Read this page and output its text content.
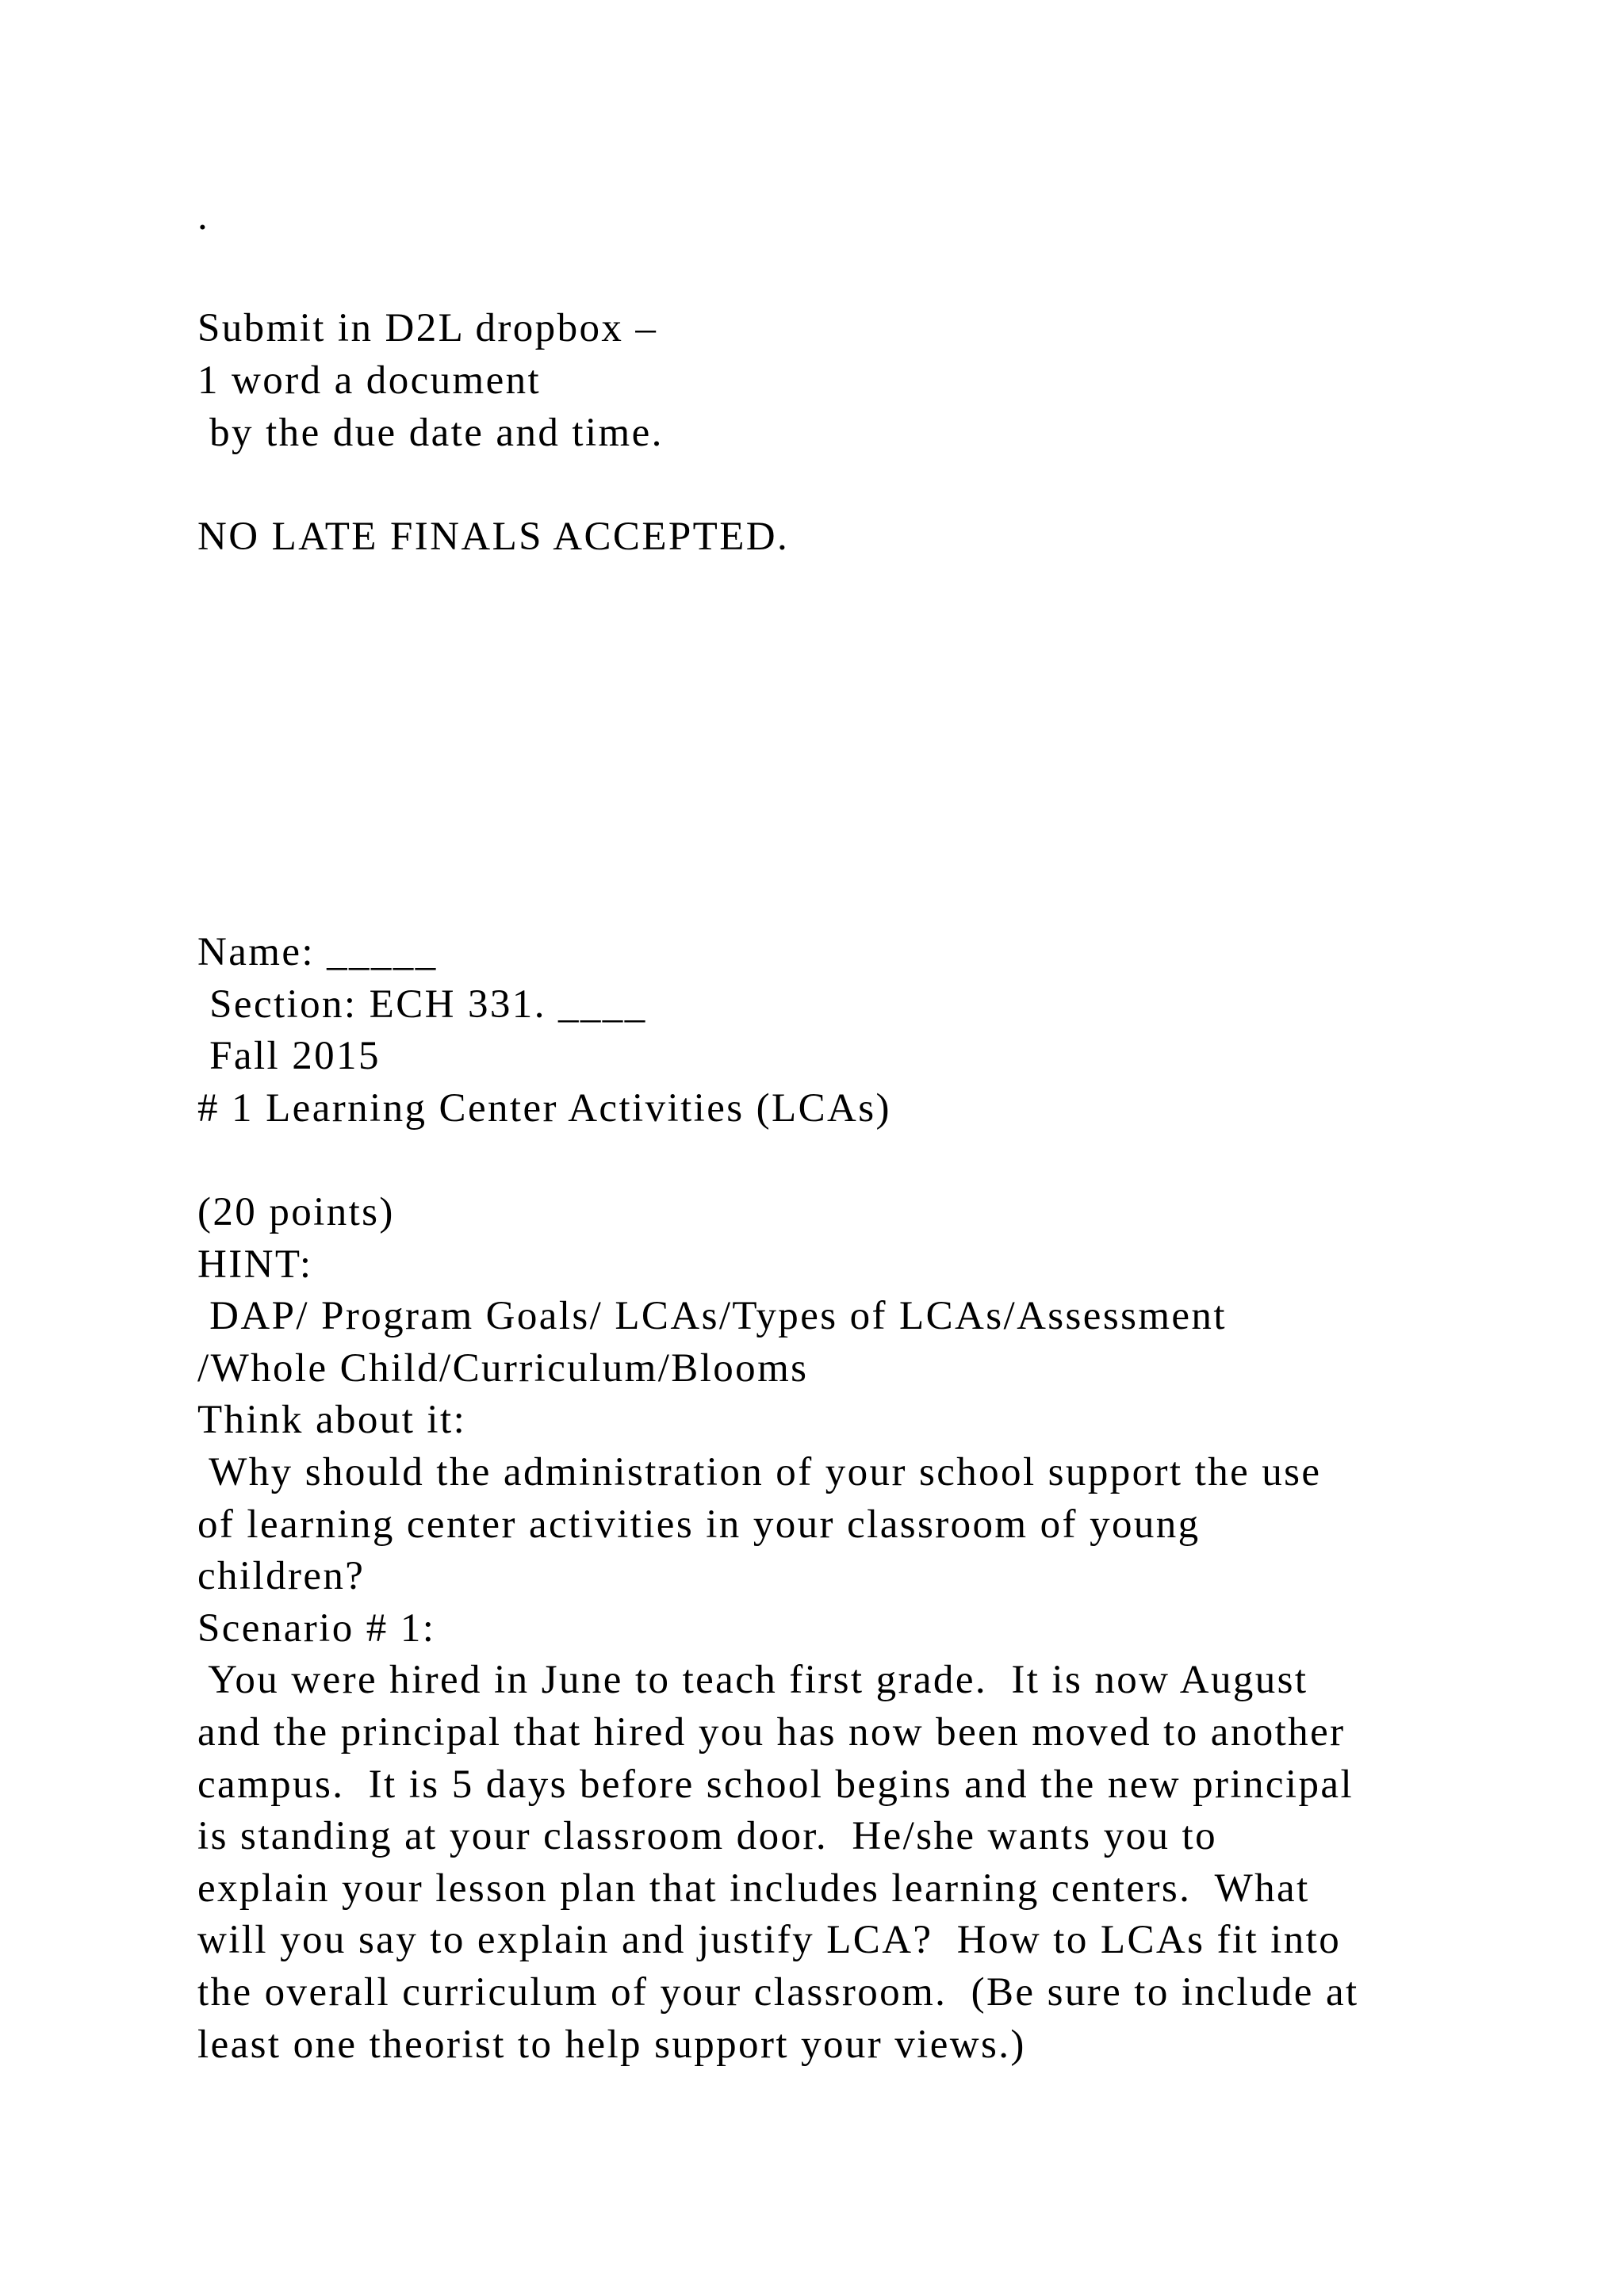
.
Submit in D2L dropbox –
1 word a document
by the due date and time.
NO LATE FINALS ACCEPTED.
Name: _____
Section: ECH 331. ____
Fall 2015
# 1 Learning Center Activities (LCAs)
(20 points)
HINT:
DAP/ Program Goals/ LCAs/Types of LCAs/Assessment
/Whole Child/Curriculum/Blooms
Think about it:
Why should the administration of your school support the use
of learning center activities in your classroom of young
children?
Scenario # 1:
You were hired in June to teach first grade.  It is now August
and the principal that hired you has now been moved to another
campus.  It is 5 days before school begins and the new principal
is standing at your classroom door.  He/she wants you to
explain your lesson plan that includes learning centers.  What
will you say to explain and justify LCA?  How to LCAs fit into
the overall curriculum of your classroom.  (Be sure to include at
least one theorist to help support your views.)
